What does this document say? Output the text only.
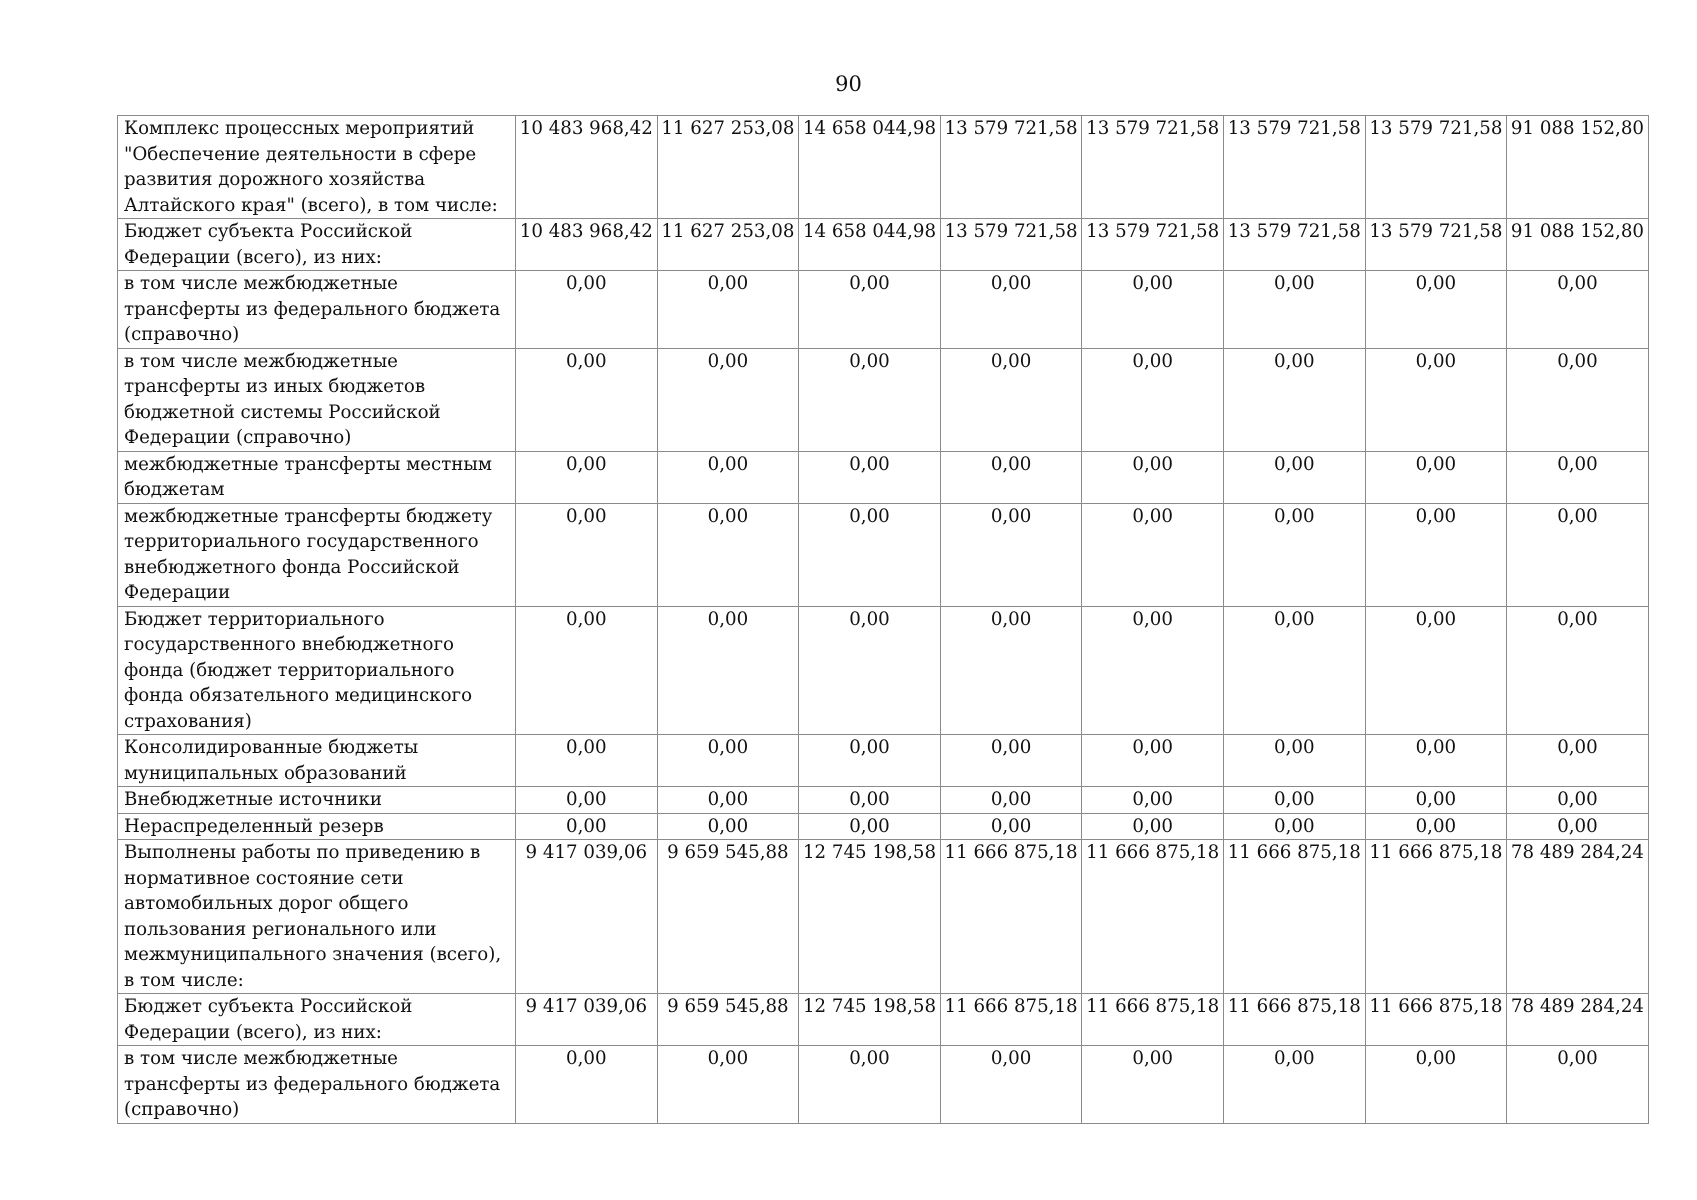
90
Комплекс процессных мероприятий "Обеспечение деятельности в сфере развития дорожного хозяйства Алтайского края" (всего), в том числе:	10 483 968,42	11 627 253,08	14 658 044,98	13 579 721,58	13 579 721,58	13 579 721,58	13 579 721,58	91 088 152,80
Бюджет субъекта Российской Федерации (всего), из них:	10 483 968,42	11 627 253,08	14 658 044,98	13 579 721,58	13 579 721,58	13 579 721,58	13 579 721,58	91 088 152,80
в том числе межбюджетные трансферты из федерального бюджета (справочно)	0,00	0,00	0,00	0,00	0,00	0,00	0,00	0,00
в том числе межбюджетные трансферты из иных бюджетов бюджетной системы Российской Федерации (справочно)	0,00	0,00	0,00	0,00	0,00	0,00	0,00	0,00
межбюджетные трансферты местным бюджетам	0,00	0,00	0,00	0,00	0,00	0,00	0,00	0,00
межбюджетные трансферты бюджету территориального государственного внебюджетного фонда Российской Федерации	0,00	0,00	0,00	0,00	0,00	0,00	0,00	0,00
Бюджет территориального государственного внебюджетного фонда (бюджет территориального фонда обязательного медицинского страхования)	0,00	0,00	0,00	0,00	0,00	0,00	0,00	0,00
Консолидированные бюджеты муниципальных образований	0,00	0,00	0,00	0,00	0,00	0,00	0,00	0,00
Внебюджетные источники	0,00	0,00	0,00	0,00	0,00	0,00	0,00	0,00
Нераспределенный резерв	0,00	0,00	0,00	0,00	0,00	0,00	0,00	0,00
Выполнены работы по приведению в нормативное состояние сети автомобильных дорог общего пользования регионального или межмуниципального значения (всего), в том числе:	9 417 039,06	9 659 545,88	12 745 198,58	11 666 875,18	11 666 875,18	11 666 875,18	11 666 875,18	78 489 284,24
Бюджет субъекта Российской Федерации (всего), из них:	9 417 039,06	9 659 545,88	12 745 198,58	11 666 875,18	11 666 875,18	11 666 875,18	11 666 875,18	78 489 284,24
в том числе межбюджетные трансферты из федерального бюджета (справочно)	0,00	0,00	0,00	0,00	0,00	0,00	0,00	0,00
